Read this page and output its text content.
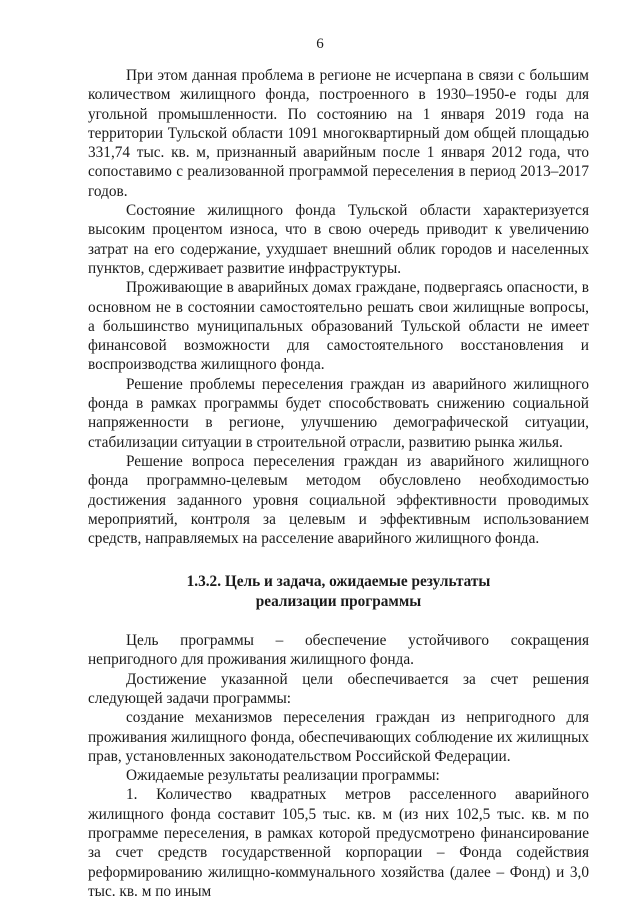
6

При этом данная проблема в регионе не исчерпана в связи с большим количеством жилищного фонда, построенного в 1930–1950-е годы для угольной промышленности. По состоянию на 1 января 2019 года на территории Тульской области 1091 многоквартирный дом общей площадью 331,74 тыс. кв. м, признанный аварийным после 1 января 2012 года, что сопоставимо с реализованной программой переселения в период 2013–2017 годов.

Состояние жилищного фонда Тульской области характеризуется высоким процентом износа, что в свою очередь приводит к увеличению затрат на его содержание, ухудшает внешний облик городов и населенных пунктов, сдерживает развитие инфраструктуры.

Проживающие в аварийных домах граждане, подвергаясь опасности, в основном не в состоянии самостоятельно решать свои жилищные вопросы, а большинство муниципальных образований Тульской области не имеет финансовой возможности для самостоятельного восстановления и воспроизводства жилищного фонда.

Решение проблемы переселения граждан из аварийного жилищного фонда в рамках программы будет способствовать снижению социальной напряженности в регионе, улучшению демографической ситуации, стабилизации ситуации в строительной отрасли, развитию рынка жилья.

Решение вопроса переселения граждан из аварийного жилищного фонда программно-целевым методом обусловлено необходимостью достижения заданного уровня социальной эффективности проводимых мероприятий, контроля за целевым и эффективным использованием средств, направляемых на расселение аварийного жилищного фонда.

1.3.2. Цель и задача, ожидаемые результаты
реализации программы

Цель программы – обеспечение устойчивого сокращения непригодного для проживания жилищного фонда.

Достижение указанной цели обеспечивается за счет решения следующей задачи программы:

создание механизмов переселения граждан из непригодного для проживания жилищного фонда, обеспечивающих соблюдение их жилищных прав, установленных законодательством Российской Федерации.

Ожидаемые результаты реализации программы:

1. Количество квадратных метров расселенного аварийного жилищного фонда составит 105,5 тыс. кв. м (из них 102,5 тыс. кв. м по программе переселения, в рамках которой предусмотрено финансирование за счет средств государственной корпорации – Фонда содействия реформированию жилищно-коммунального хозяйства (далее – Фонд) и 3,0 тыс. кв. м по иным
